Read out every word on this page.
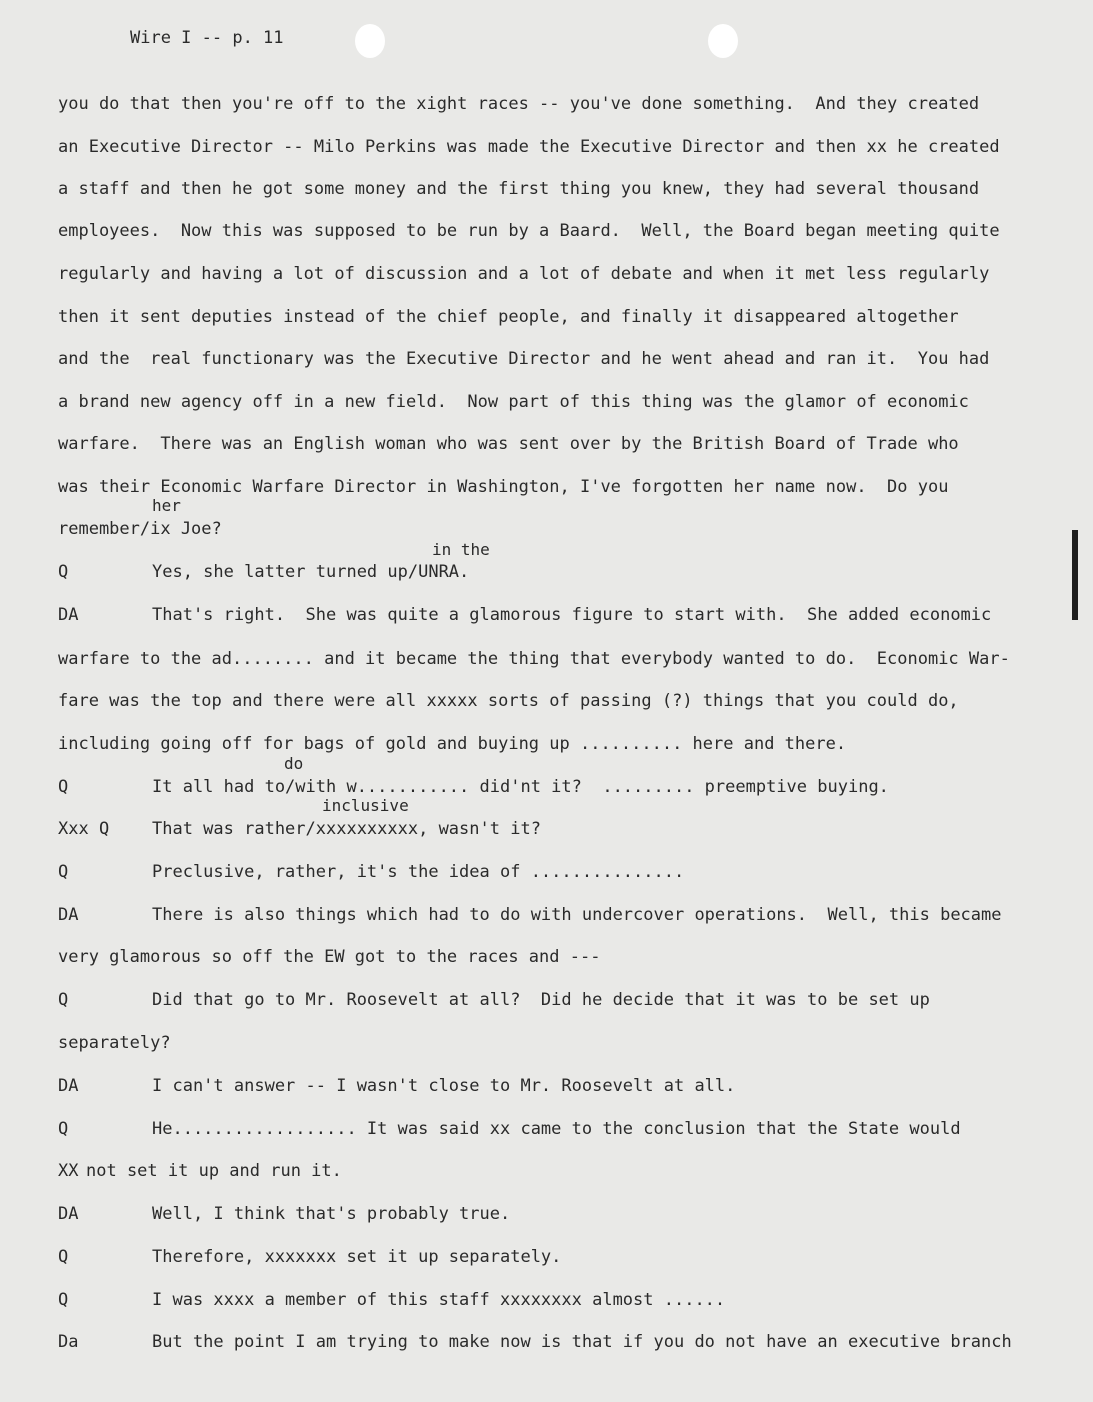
Wire I -- p. 11
you do that then you're off to the xight races -- you've done something.  And they created
an Executive Director -- Milo Perkins was made the Executive Director and then xx he created
a staff and then he got some money and the first thing you knew, they had several thousand
employees.  Now this was supposed to be run by a Baard.  Well, the Board began meeting quite
regularly and having a lot of discussion and a lot of debate and when it met less regularly
then it sent deputies instead of the chief people, and finally it disappeared altogether
and the  real functionary was the Executive Director and he went ahead and ran it.  You had
a brand new agency off in a new field.  Now part of this thing was the glamor of economic
warfare.  There was an English woman who was sent over by the British Board of Trade who
was their Economic Warfare Director in Washington, I've forgotten her name now.  Do you
her
remember/ix Joe?
in the
Q	Yes, she latter turned up/UNRA.
DA	That's right.  She was quite a glamorous figure to start with.  She added economic
warfare to the ad........ and it became the thing that everybody wanted to do.  Economic War-
fare was the top and there were all xxxxx sorts of passing (?) things that you could do,
including going off for bags of gold and buying up .......... here and there.
do
Q	It all had to/with w........... did'nt it?  ......... preemptive buying.
inclusive
Xxx Q	That was rather/xxxxxxxxxx, wasn't it?
Q	Preclusive, rather, it's the idea of ...............
DA	There is also things which had to do with undercover operations.  Well, this became
very glamorous so off the EW got to the races and ---
Q	Did that go to Mr. Roosevelt at all?  Did he decide that it was to be set up
separately?
DA	I can't answer -- I wasn't close to Mr. Roosevelt at all.
Q	He.................. It was said xx came to the conclusion that the State would
XX not set it up and run it.
DA	Well, I think that's probably true.
Q	Therefore, xxxxxxx set it up separately.
Q	I was xxxx a member of this staff xxxxxxxx almost ......
Da	But the point I am trying to make now is that if you do not have an executive branch
